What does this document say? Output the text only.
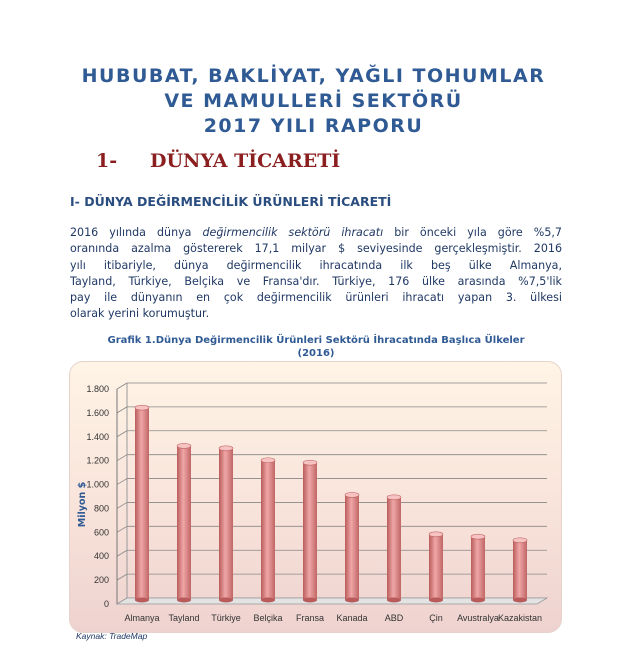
HUBUBAT, BAKLİYAT, YAĞLI TOHUMLAR
VE MAMULLERİ SEKTÖRÜ
2017 YILI RAPORU
1- DÜNYA TİCARETİ
I- DÜNYA DEĞİRMENCİLİK ÜRÜNLERİ TİCARETİ
2016 yılında dünya değirmencilik sektörü ihracatı bir önceki yıla göre %5,7
oranında azalma göstererek 17,1 milyar $ seviyesinde gerçekleşmiştir. 2016
yılı itibariyle, dünya değirmencilik ihracatında ilk beş ülke Almanya,
Tayland, Türkiye, Belçika ve Fransa'dır. Türkiye, 176 ülke arasında %7,5'lik
pay ile dünyanın en çok değirmencilik ürünleri ihracatı yapan 3. ülkesi
olarak yerini korumuştur.
Grafik 1.Dünya Değirmencilik Ürünleri Sektörü İhracatında Başlıca Ülkeler
(2016)
0
200
400
600
800
1.000
1.200
1.400
1.600
1.800
Milyon $
Almanya Tayland Türkiye Belçika Fransa Kanada ABD	Çin Avustralya Kazakistan
Kaynak: TradeMap
